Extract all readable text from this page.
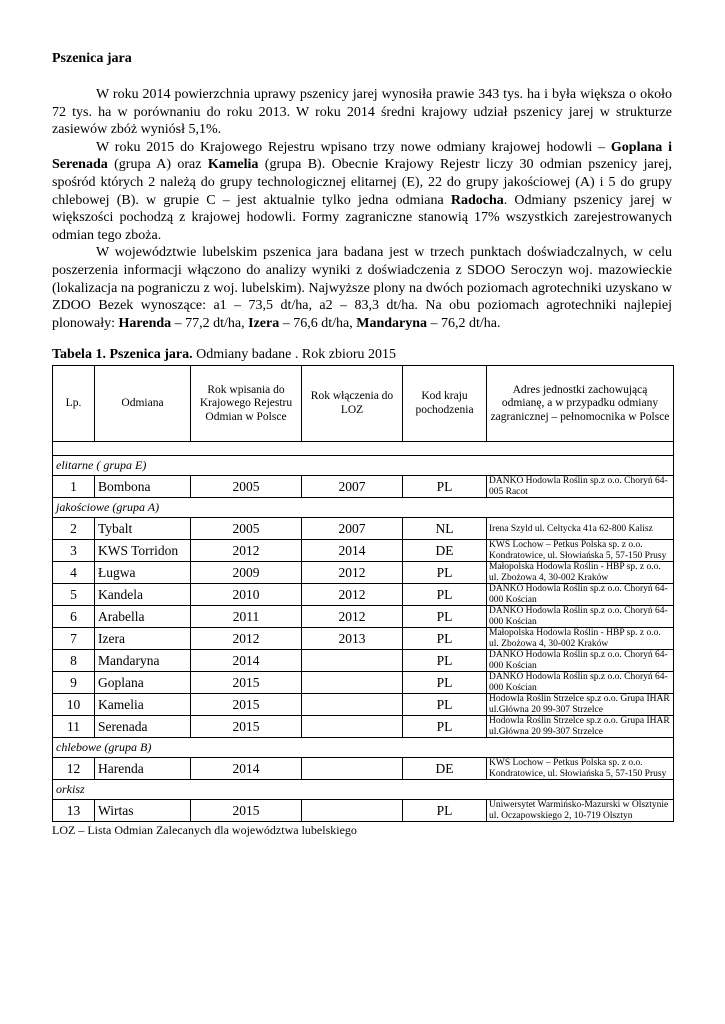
Pszenica jara

W roku 2014 powierzchnia uprawy pszenicy jarej wynosiła prawie 343 tys. ha i była większa o około 72 tys. ha w porównaniu do roku 2013. W roku 2014 średni krajowy udział pszenicy jarej w strukturze zasiewów zbóż wyniósł 5,1%.

W roku 2015 do Krajowego Rejestru wpisano trzy nowe odmiany krajowej hodowli – Goplana i Serenada (grupa A) oraz Kamelia (grupa B). Obecnie Krajowy Rejestr liczy 30 odmian pszenicy jarej, spośród których 2 należą do grupy technologicznej elitarnej (E), 22 do grupy jakościowej (A) i 5 do grupy chlebowej (B). w grupie C – jest aktualnie tylko jedna odmiana Radocha. Odmiany pszenicy jarej w większości pochodzą z krajowej hodowli. Formy zagraniczne stanowią 17% wszystkich zarejestrowanych odmian tego zboża.

W województwie lubelskim pszenica jara badana jest w trzech punktach doświadczalnych, w celu poszerzenia informacji włączono do analizy wyniki z doświadczenia z SDOO Seroczyn woj. mazowieckie (lokalizacja na pograniczu z woj. lubelskim). Najwyższe plony na dwóch poziomach agrotechniki uzyskano w ZDOO Bezek wynoszące: a1 – 73,5 dt/ha, a2 – 83,3 dt/ha. Na obu poziomach agrotechniki najlepiej plonowały: Harenda – 77,2 dt/ha, Izera – 76,6 dt/ha, Mandaryna – 76,2 dt/ha.

Tabela 1. Pszenica jara. Odmiany badane . Rok zbioru 2015
Lp.	Odmiana	Rok wpisania do Krajowego Rejestru Odmian w Polsce	Rok włączenia do LOZ	Kod kraju pochodzenia	Adres jednostki zachowującą odmianę, a w przypadku odmiany zagranicznej – pełnomocnika w Polsce

elitarne ( grupa E)					
1	Bombona	2005	2007	PL	DANKO Hodowla Roślin sp.z o.o. Choryń 64-005 Racot
jakościowe (grupa A)					
2	Tybalt	2005	2007	NL	Irena Szyld ul. Celtycka 41a 62-800 Kalisz
3	KWS Torridon	2012	2014	DE	KWS Lochow – Petkus Polska sp. z o.o. Kondratowice, ul. Słowiańska 5, 57-150 Prusy
4	Ługwa	2009	2012	PL	Małopolska Hodowla Roślin - HBP sp. z o.o. ul. Zbożowa 4, 30-002 Kraków
5	Kandela	2010	2012	PL	DANKO Hodowla Roślin sp.z o.o. Choryń 64-000 Kościan
6	Arabella	2011	2012	PL	DANKO Hodowla Roślin sp.z o.o. Choryń 64-000 Kościan
7	Izera	2012	2013	PL	Małopolska Hodowla Roślin - HBP sp. z o.o. ul. Zbożowa 4, 30-002 Kraków
8	Mandaryna	2014		PL	DANKO Hodowla Roślin sp.z o.o. Choryń 64-000 Kościan
9	Goplana	2015		PL	DANKO Hodowla Roślin sp.z o.o. Choryń 64-000 Kościan
10	Kamelia	2015		PL	Hodowla Roślin Strzelce sp.z o.o. Grupa IHAR ul.Główna 20 99-307 Strzelce
11	Serenada	2015		PL	Hodowla Roślin Strzelce sp.z o.o. Grupa IHAR ul.Główna 20 99-307 Strzelce
chlebowe (grupa B)					
12	Harenda	2014		DE	KWS Lochow – Petkus Polska sp. z o.o. Kondratowice, ul. Słowiańska 5, 57-150 Prusy
orkisz					
13	Wirtas	2015		PL	Uniwersytet Warmińsko-Mazurski w Olsztynie ul. Oczapowskiego 2, 10-719 Olsztyn
LOZ – Lista Odmian Zalecanych dla województwa lubelskiego
